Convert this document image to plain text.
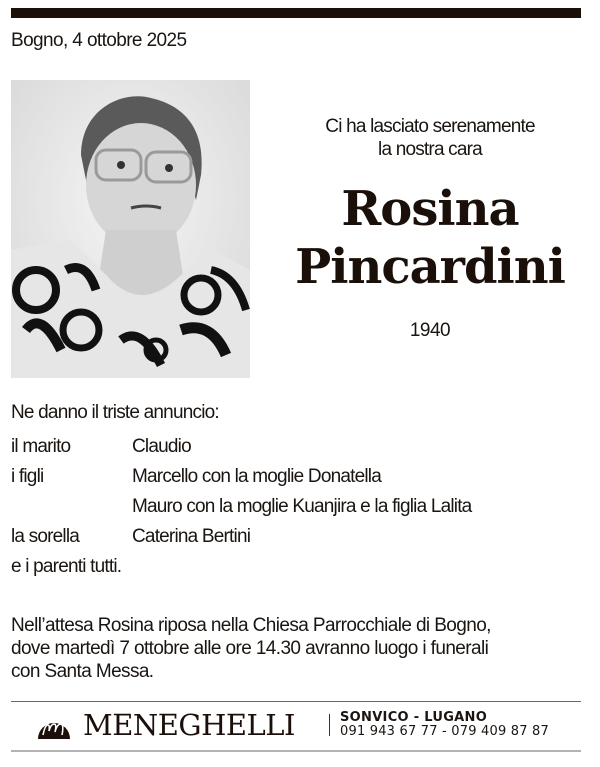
Bogno, 4 ottobre 2025
Ci ha lasciato serenamente
la nostra cara
Rosina
Pincardini
1940
Ne danno il triste annuncio:
il marito	Claudio
i figli	Marcello con la moglie Donatella
Mauro con la moglie Kuanjira e la figlia Lalita
la sorella	Caterina Bertini
e i parenti tutti.
Nell’attesa Rosina riposa nella Chiesa Parrocchiale di Bogno,
dove martedì 7 ottobre alle ore 14.30 avranno luogo i funerali
con Santa Messa.
MENEGHELLI	SONVICO - LUGANO
091 943 67 77 - 079 409 87 87
